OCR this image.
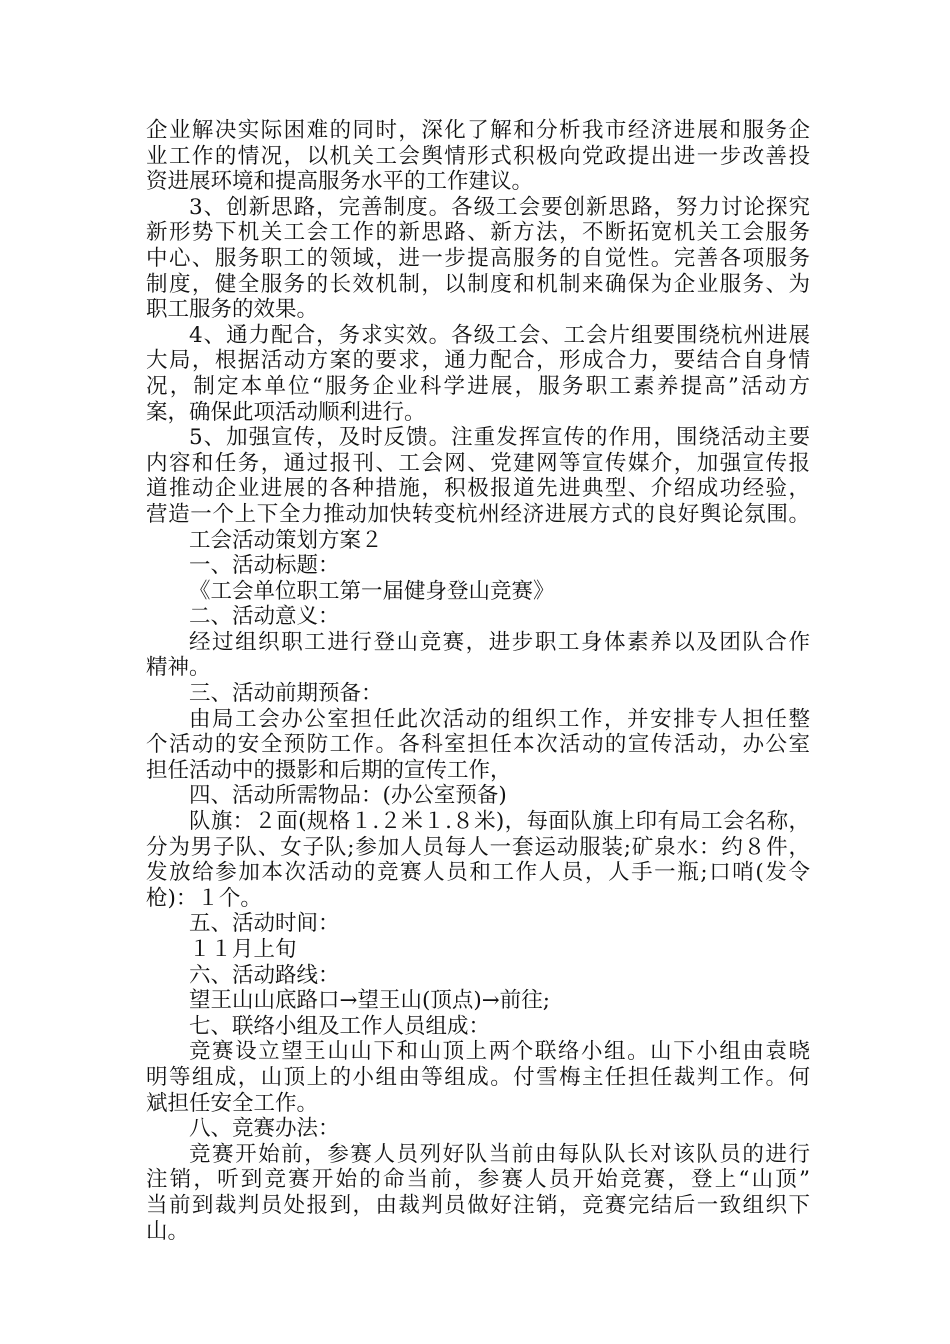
企业解决实际困难的同时，深化了解和分析我市经济进展和服务企
业工作的情况，以机关工会舆情形式积极向党政提出进一步改善投
资进展环境和提高服务水平的工作建议。
3、创新思路，完善制度。各级工会要创新思路，努力讨论探究
新形势下机关工会工作的新思路、新方法，不断拓宽机关工会服务
中心、服务职工的领域，进一步提高服务的自觉性。完善各项服务
制度，健全服务的长效机制，以制度和机制来确保为企业服务、为
职工服务的效果。
4、通力配合，务求实效。各级工会、工会片组要围绕杭州进展
大局，根据活动方案的要求，通力配合，形成合力，要结合自身情
况，制定本单位“服务企业科学进展，服务职工素养提高”活动方
案，确保此项活动顺利进行。
5、加强宣传，及时反馈。注重发挥宣传的作用，围绕活动主要
内容和任务，通过报刊、工会网、党建网等宣传媒介，加强宣传报
道推动企业进展的各种措施，积极报道先进典型、介绍成功经验，
营造一个上下全力推动加快转变杭州经济进展方式的良好舆论氛围。
工会活动策划方案２
一、活动标题：
《工会单位职工第一届健身登山竞赛》
二、活动意义：
经过组织职工进行登山竞赛，进步职工身体素养以及团队合作
精神。
三、活动前期预备：
由局工会办公室担任此次活动的组织工作，并安排专人担任整
个活动的安全预防工作。各科室担任本次活动的宣传活动，办公室
担任活动中的摄影和后期的宣传工作，
四、活动所需物品：(办公室预备)
队旗：２面(规格１.２米１.８米)，每面队旗上印有局工会名称，
分为男子队、女子队;参加人员每人一套运动服装;矿泉水：约８件，
发放给参加本次活动的竞赛人员和工作人员，人手一瓶;口哨(发令
枪)：１个。
五、活动时间：
１１月上旬
六、活动路线：
望王山山底路口→望王山(顶点)→前往;
七、联络小组及工作人员组成：
竞赛设立望王山山下和山顶上两个联络小组。山下小组由袁晓
明等组成，山顶上的小组由等组成。付雪梅主任担任裁判工作。何
斌担任安全工作。
八、竞赛办法：
竞赛开始前，参赛人员列好队当前由每队队长对该队员的进行
注销，听到竞赛开始的命当前，参赛人员开始竞赛，登上“山顶”
当前到裁判员处报到，由裁判员做好注销，竞赛完结后一致组织下
山。
